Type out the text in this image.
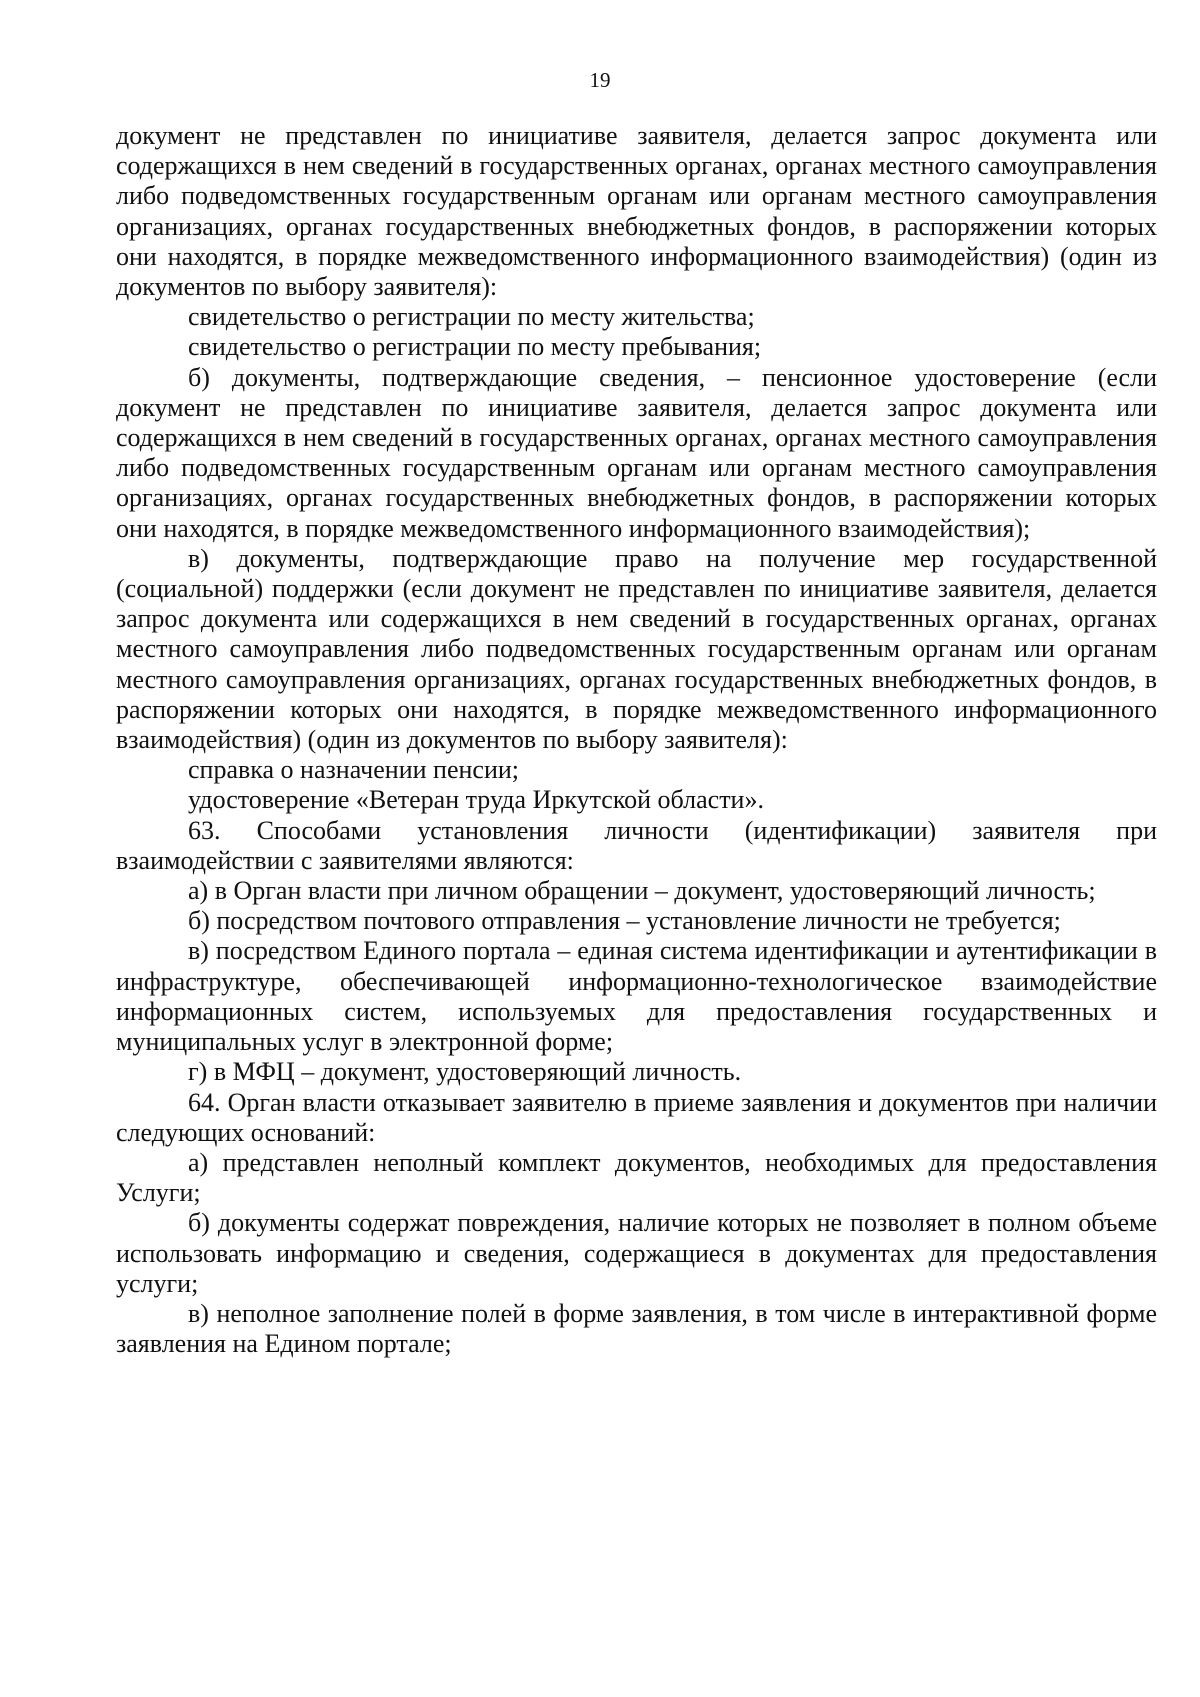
19

документ не представлен по инициативе заявителя, делается запрос документа или содержащихся в нем сведений в государственных органах, органах местного самоуправления либо подведомственных государственным органам или органам местного самоуправления организациях, органах государственных внебюджетных фондов, в распоряжении которых они находятся, в порядке межведомственного информационного взаимодействия) (один из документов по выбору заявителя):

свидетельство о регистрации по месту жительства;

свидетельство о регистрации по месту пребывания;

б) документы, подтверждающие сведения, – пенсионное удостоверение (если документ не представлен по инициативе заявителя, делается запрос документа или содержащихся в нем сведений в государственных органах, органах местного самоуправления либо подведомственных государственным органам или органам местного самоуправления организациях, органах государственных внебюджетных фондов, в распоряжении которых они находятся, в порядке межведомственного информационного взаимодействия);

в) документы, подтверждающие право на получение мер государственной (социальной) поддержки (если документ не представлен по инициативе заявителя, делается запрос документа или содержащихся в нем сведений в государственных органах, органах местного самоуправления либо подведомственных государственным органам или органам местного самоуправления организациях, органах государственных внебюджетных фондов, в распоряжении которых они находятся, в порядке межведомственного информационного взаимодействия) (один из документов по выбору заявителя):

справка о назначении пенсии;

удостоверение «Ветеран труда Иркутской области».

63. Способами установления личности (идентификации) заявителя при взаимодействии с заявителями являются:

а) в Орган власти при личном обращении – документ, удостоверяющий личность;

б) посредством почтового отправления – установление личности не требуется;

в) посредством Единого портала – единая система идентификации и аутентификации в инфраструктуре, обеспечивающей информационно-технологическое взаимодействие информационных систем, используемых для предоставления государственных и муниципальных услуг в электронной форме;

г) в МФЦ – документ, удостоверяющий личность.

64. Орган власти отказывает заявителю в приеме заявления и документов при наличии следующих оснований:

а) представлен неполный комплект документов, необходимых для предоставления Услуги;

б) документы содержат повреждения, наличие которых не позволяет в полном объеме использовать информацию и сведения, содержащиеся в документах для предоставления услуги;

в) неполное заполнение полей в форме заявления, в том числе в интерактивной форме заявления на Едином портале;
